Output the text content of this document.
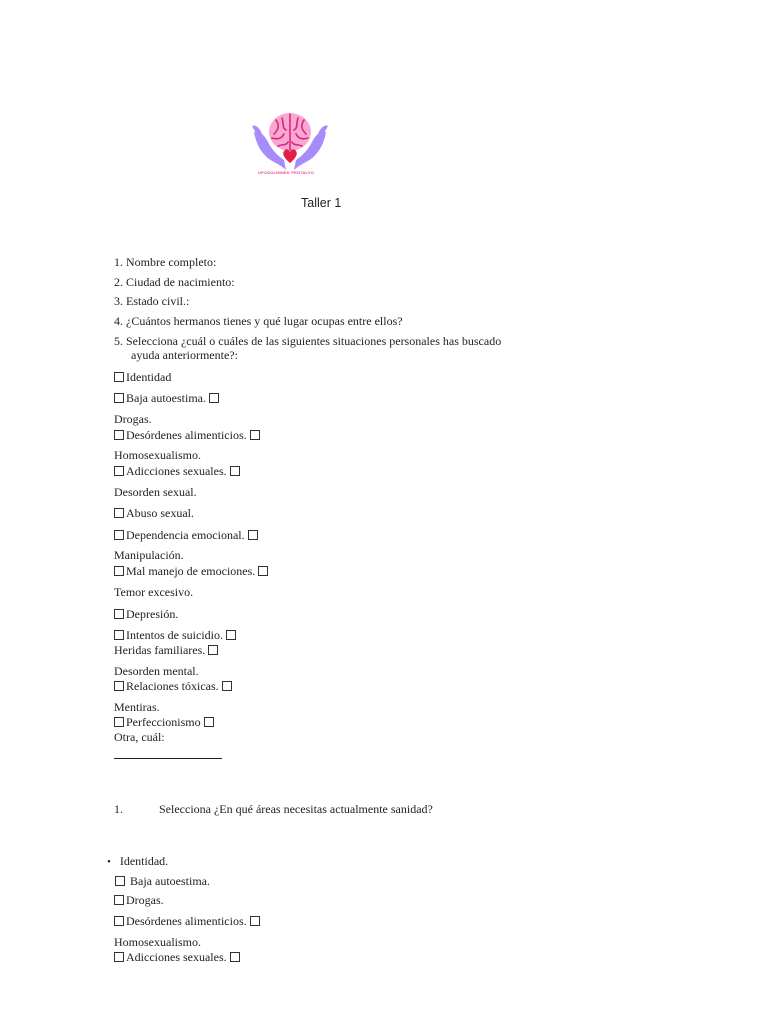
UPOSOLIMNEK PENTALVO
Taller 1
1. Nombre completo:
2. Ciudad de nacimiento:
3. Estado civil.:
4. ¿Cuántos hermanos tienes y qué lugar ocupas entre ellos?
5. Selecciona ¿cuál o cuáles de las siguientes situaciones personales has buscado
ayuda anteriormente?:
Identidad
Baja autoestima.
Drogas.
Desórdenes alimenticios.
Homosexualismo.
Adicciones sexuales.
Desorden sexual.
Abuso sexual.
Dependencia emocional.
Manipulación.
Mal manejo de emociones.
Temor excesivo.
Depresión.
Intentos de suicidio.
Heridas familiares.
Desorden mental.
Relaciones tóxicas.
Mentiras.
Perfeccionismo
Otra, cuál:
1.	Selecciona ¿En qué áreas necesitas actualmente sanidad?
• Identidad.
Baja autoestima.
Drogas.
Desórdenes alimenticios.
Homosexualismo.
Adicciones sexuales.
